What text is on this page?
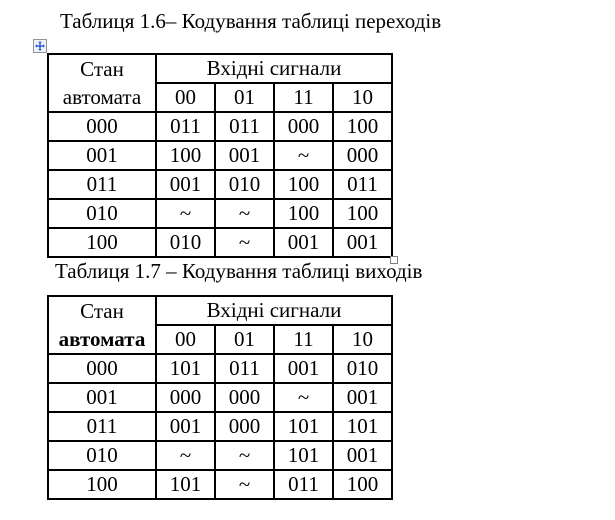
Таблиця 1.6– Кодування таблиці переходів
Стан
автомата	Вхідні сигнали			
	00	01	11	10
000	011	011	000	100
001	100	001	~	000
011	001	010	100	011
010	~	~	100	100
100	010	~	001	001
Таблиця 1.7 – Кодування таблиці виходів
Стан
автомата	Вхідні сигнали			
	00	01	11	10
000	101	011	001	010
001	000	000	~	001
011	001	000	101	101
010	~	~	101	001
100	101	~	011	100
